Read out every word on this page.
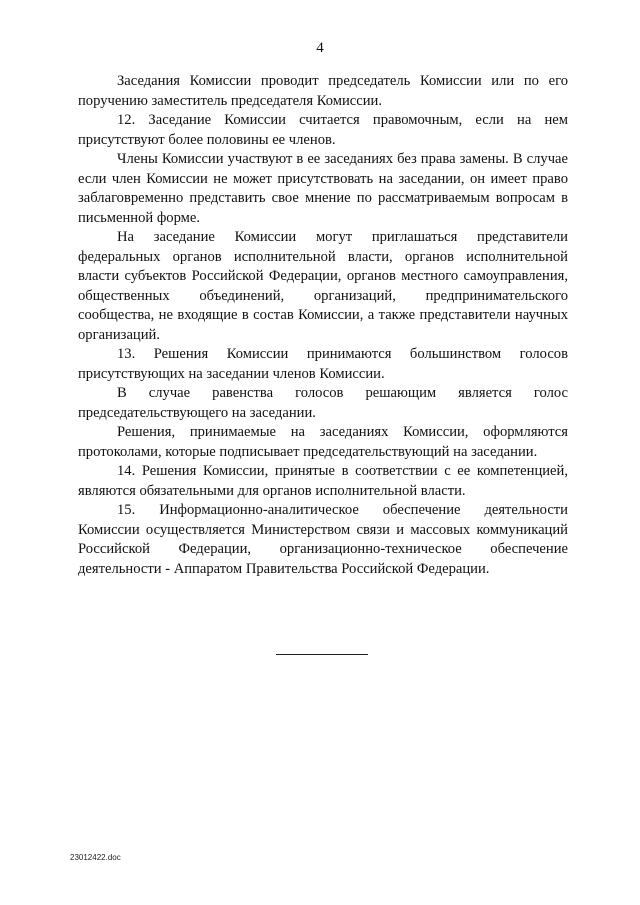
4

Заседания Комиссии проводит председатель Комиссии или по его поручению заместитель председателя Комиссии.

12. Заседание Комиссии считается правомочным, если на нем присутствуют более половины ее членов.

Члены Комиссии участвуют в ее заседаниях без права замены. В случае если член Комиссии не может присутствовать на заседании, он имеет право заблаговременно представить свое мнение по рассматриваемым вопросам в письменной форме.

На заседание Комиссии могут приглашаться представители федеральных органов исполнительной власти, органов исполнительной власти субъектов Российской Федерации, органов местного самоуправления, общественных объединений, организаций, предпринимательского сообщества, не входящие в состав Комиссии, а также представители научных организаций.

13. Решения Комиссии принимаются большинством голосов присутствующих на заседании членов Комиссии.

В случае равенства голосов решающим является голос председательствующего на заседании.

Решения, принимаемые на заседаниях Комиссии, оформляются протоколами, которые подписывает председательствующий на заседании.

14. Решения Комиссии, принятые в соответствии с ее компетенцией, являются обязательными для органов исполнительной власти.

15. Информационно-аналитическое обеспечение деятельности Комиссии осуществляется Министерством связи и массовых коммуникаций Российской Федерации, организационно-техническое обеспечение деятельности - Аппаратом Правительства Российской Федерации.

23012422.doc
